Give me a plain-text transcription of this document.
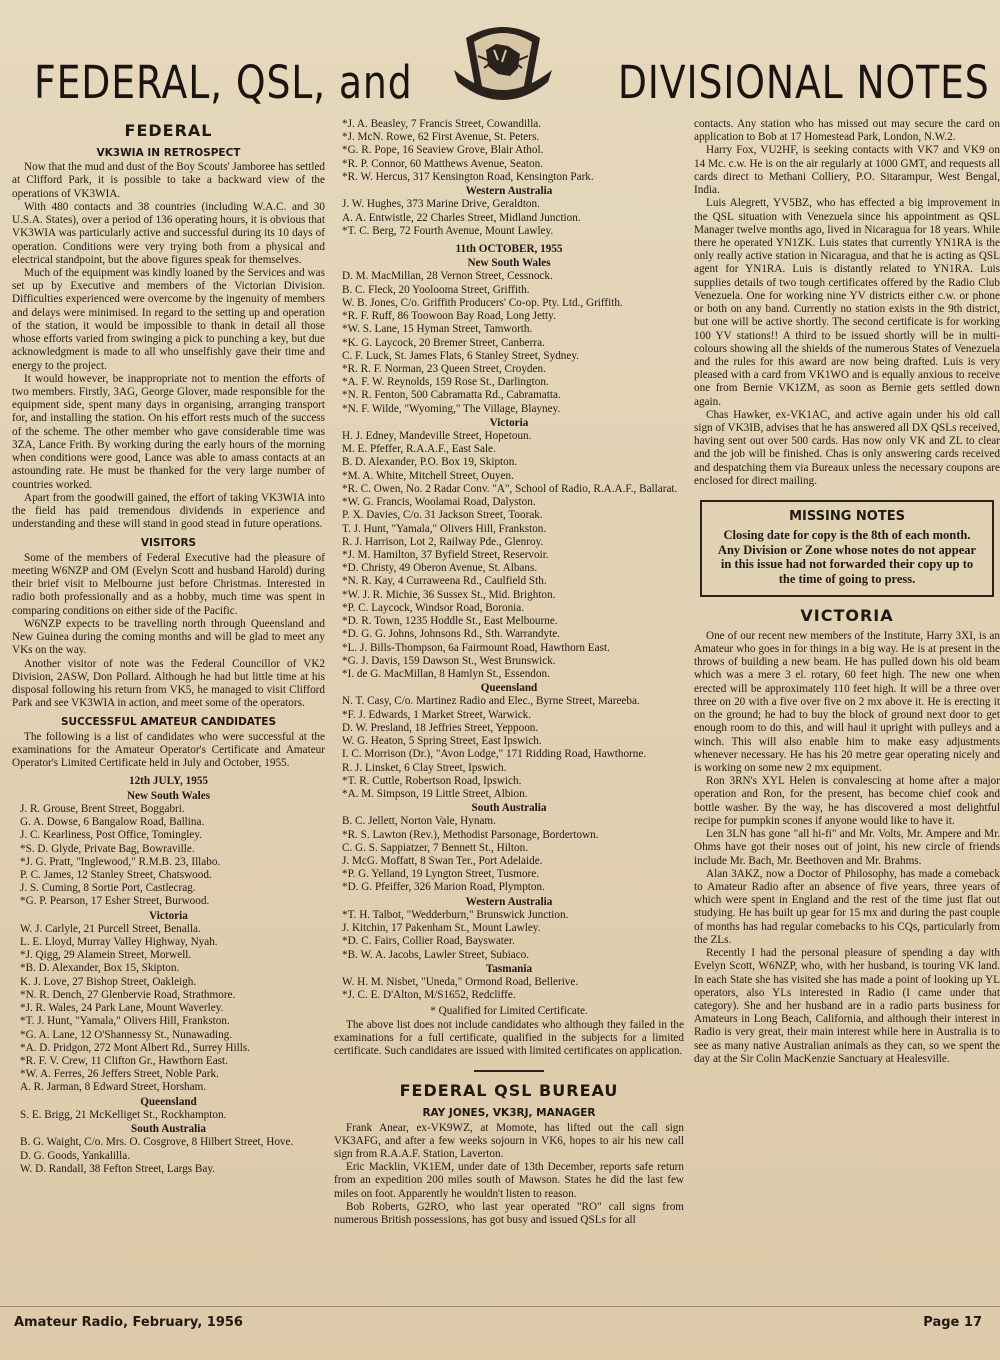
FEDERAL, QSL, and	DIVISIONAL NOTES
FEDERAL
VK3WIA IN RETROSPECT

Now that the mud and dust of the Boy Scouts' Jamboree has settled at Clifford Park, it is possible to take a backward view of the operations of VK3WIA.

With 480 contacts and 38 countries (including W.A.C. and 30 U.S.A. States), over a period of 136 operating hours, it is obvious that VK3WIA was particularly active and successful during its 10 days of operation. Conditions were very trying both from a physical and electrical standpoint, but the above figures speak for themselves.

Much of the equipment was kindly loaned by the Services and was set up by Executive and members of the Victorian Division. Difficulties experienced were overcome by the ingenuity of members and delays were minimised. In regard to the setting up and operation of the station, it would be impossible to thank in detail all those whose efforts varied from swinging a pick to punching a key, but due acknowledgment is made to all who unselfishly gave their time and energy to the project.

It would however, be inappropriate not to mention the efforts of two members. Firstly, 3AG, George Glover, made responsible for the equipment side, spent many days in organising, arranging transport for, and installing the station. On his effort rests much of the success of the scheme. The other member who gave considerable time was 3ZA, Lance Frith. By working during the early hours of the morning when conditions were good, Lance was able to amass contacts at an astounding rate. He must be thanked for the very large number of countries worked.

Apart from the goodwill gained, the effort of taking VK3WIA into the field has paid tremendous dividends in experience and understanding and these will stand in good stead in future operations.

VISITORS

Some of the members of Federal Executive had the pleasure of meeting W6NZP and OM (Evelyn Scott and husband Harold) during their brief visit to Melbourne just before Christmas. Interested in radio both professionally and as a hobby, much time was spent in comparing conditions on either side of the Pacific.

W6NZP expects to be travelling north through Queensland and New Guinea during the coming months and will be glad to meet any VKs on the way.

Another visitor of note was the Federal Councillor of VK2 Division, 2ASW, Don Pollard. Although he had but little time at his disposal following his return from VK5, he managed to visit Clifford Park and see VK3WIA in action, and meet some of the operators.

SUCCESSFUL AMATEUR CANDIDATES

The following is a list of candidates who were successful at the examinations for the Amateur Operator's Certificate and Amateur Operator's Limited Certificate held in July and October, 1955.

12th JULY, 1955
New South Wales
J. R. Grouse, Brent Street, Boggabri.
G. A. Dowse, 6 Bangalow Road, Ballina.
J. C. Kearliness, Post Office, Tomingley.
*S. D. Glyde, Private Bag, Bowraville.
*J. G. Pratt, "Inglewood," R.M.B. 23, Illabo.
P. C. James, 12 Stanley Street, Chatswood.
J. S. Cuming, 8 Sortie Port, Castlecrag.
*G. P. Pearson, 17 Esher Street, Burwood.
Victoria
W. J. Carlyle, 21 Purcell Street, Benalla.
L. E. Lloyd, Murray Valley Highway, Nyah.
*J. Qigg, 29 Alamein Street, Morwell.
*B. D. Alexander, Box 15, Skipton.
K. J. Love, 27 Bishop Street, Oakleigh.
*N. R. Dench, 27 Glenbervie Road, Strathmore.
*J. R. Wales, 24 Park Lane, Mount Waverley.
*T. J. Hunt, "Yamala," Olivers Hill, Frankston.
*G. A. Lane, 12 O'Shannessy St., Nunawading.
*A. D. Pridgon, 272 Mont Albert Rd., Surrey Hills.
*R. F. V. Crew, 11 Clifton Gr., Hawthorn East.
*W. A. Ferres, 26 Jeffers Street, Noble Park.
A. R. Jarman, 8 Edward Street, Horsham.
Queensland
S. E. Brigg, 21 McKelliget St., Rockhampton.
South Australia
B. G. Waight, C/o. Mrs. O. Cosgrove, 8 Hilbert Street, Hove.
D. G. Goods, Yankalilla.
W. D. Randall, 38 Fefton Street, Largs Bay.
*J. A. Beasley, 7 Francis Street, Cowandilla.
*J. McN. Rowe, 62 First Avenue, St. Peters.
*G. R. Pope, 16 Seaview Grove, Blair Athol.
*R. P. Connor, 60 Matthews Avenue, Seaton.
*R. W. Hercus, 317 Kensington Road, Kensington Park.
Western Australia
J. W. Hughes, 373 Marine Drive, Geraldton.
A. A. Entwistle, 22 Charles Street, Midland Junction.
*T. C. Berg, 72 Fourth Avenue, Mount Lawley.
11th OCTOBER, 1955
New South Wales
D. M. MacMillan, 28 Vernon Street, Cessnock.
B. C. Fleck, 20 Yoolooma Street, Griffith.
W. B. Jones, C/o. Griffith Producers' Co-op. Pty. Ltd., Griffith.
*R. F. Ruff, 86 Toowoon Bay Road, Long Jetty.
*W. S. Lane, 15 Hyman Street, Tamworth.
*K. G. Laycock, 20 Bremer Street, Canberra.
C. F. Luck, St. James Flats, 6 Stanley Street, Sydney.
*R. R. F. Norman, 23 Queen Street, Croyden.
*A. F. W. Reynolds, 159 Rose St., Darlington.
*N. R. Fenton, 500 Cabramatta Rd., Cabramatta.
*N. F. Wilde, "Wyoming," The Village, Blayney.
Victoria
H. J. Edney, Mandeville Street, Hopetoun.
M. E. Pfeffer, R.A.A.F., East Sale.
B. D. Alexander, P.O. Box 19, Skipton.
*M. A. White, Mitchell Street, Ouyen.
*R. C. Owen, No. 2 Radar Conv. "A", School of Radio, R.A.A.F., Ballarat.
*W. G. Francis, Woolamai Road, Dalyston.
P. X. Davies, C/o. 31 Jackson Street, Toorak.
T. J. Hunt, "Yamala," Olivers Hill, Frankston.
R. J. Harrison, Lot 2, Railway Pde., Glenroy.
*J. M. Hamilton, 37 Byfield Street, Reservoir.
*D. Christy, 49 Oberon Avenue, St. Albans.
*N. R. Kay, 4 Curraweena Rd., Caulfield Sth.
*W. J. R. Michie, 36 Sussex St., Mid. Brighton.
*P. C. Laycock, Windsor Road, Boronia.
*D. R. Town, 1235 Hoddle St., East Melbourne.
*D. G. G. Johns, Johnsons Rd., Sth. Warrandyte.
*L. J. Bills-Thompson, 6a Fairmount Road, Hawthorn East.
*G. J. Davis, 159 Dawson St., West Brunswick.
*I. de G. MacMillan, 8 Hamlyn St., Essendon.
Queensland
N. T. Casy, C/o. Martinez Radio and Elec., Byrne Street, Mareeba.
*F. J. Edwards, 1 Market Street, Warwick.
D. W. Presland, 18 Jeffries Street, Yeppoon.
W. G. Heaton, 5 Spring Street, East Ipswich.
I. C. Morrison (Dr.), "Avon Lodge," 171 Ridding Road, Hawthorne.
R. J. Linsket, 6 Clay Street, Ipswich.
*T. R. Cuttle, Robertson Road, Ipswich.
*A. M. Simpson, 19 Little Street, Albion.
South Australia
B. C. Jellett, Norton Vale, Hynam.
*R. S. Lawton (Rev.), Methodist Parsonage, Bordertown.
C. G. S. Sappiatzer, 7 Bennett St., Hilton.
J. McG. Moffatt, 8 Swan Ter., Port Adelaide.
*P. G. Yelland, 19 Lyngton Street, Tusmore.
*D. G. Pfeiffer, 326 Marion Road, Plympton.
Western Australia
*T. H. Talbot, "Wedderburn," Brunswick Junction.
J. Kitchin, 17 Pakenham St., Mount Lawley.
*D. C. Fairs, Collier Road, Bayswater.
*B. W. A. Jacobs, Lawler Street, Subiaco.
Tasmania
W. H. M. Nisbet, "Uneda," Ormond Road, Bellerive.
*J. C. E. D'Alton, M/S1652, Redcliffe.
* Qualified for Limited Certificate.

The above list does not include candidates who although they failed in the examinations for a full certificate, qualified in the subjects for a limited certificate. Such candidates are issued with limited certificates on application.

FEDERAL QSL BUREAU
RAY JONES, VK3RJ, MANAGER

Frank Anear, ex-VK9WZ, at Momote, has lifted out the call sign VK3AFG, and after a few weeks sojourn in VK6, hopes to air his new call sign from R.A.A.F. Station, Laverton.

Eric Macklin, VK1EM, under date of 13th December, reports safe return from an expedition 200 miles south of Mawson. States he did the last few miles on foot. Apparently he wouldn't listen to reason.

Bob Roberts, G2RO, who last year operated "RO" call signs from numerous British possessions, has got busy and issued QSLs for all

contacts. Any station who has missed out may secure the card on application to Bob at 17 Homestead Park, London, N.W.2.

Harry Fox, VU2HF, is seeking contacts with VK7 and VK9 on 14 Mc. c.w. He is on the air regularly at 1000 GMT, and requests all cards direct to Methani Colliery, P.O. Sitarampur, West Bengal, India.

Luis Alegrett, YV5BZ, who has effected a big improvement in the QSL situation with Venezuela since his appointment as QSL Manager twelve months ago, lived in Nicaragua for 18 years. While there he operated YN1ZK. Luis states that currently YN1RA is the only really active station in Nicaragua, and that he is acting as QSL agent for YN1RA. Luis is distantly related to YN1RA. Luis supplies details of two tough certificates offered by the Radio Club Venezuela. One for working nine YV districts either c.w. or phone or both on any band. Currently no station exists in the 9th district, but one will be active shortly. The second certificate is for working 100 YV stations!! A third to be issued shortly will be in multi-colours showing all the shields of the numerous States of Venezuela and the rules for this award are now being drafted. Luis is very pleased with a card from VK1WO and is equally anxious to receive one from Bernie VK1ZM, as soon as Bernie gets settled down again.

Chas Hawker, ex-VK1AC, and active again under his old call sign of VK3IB, advises that he has answered all DX QSLs received, having sent out over 500 cards. Has now only VK and ZL to clear and the job will be finished. Chas is only answering cards received and despatching them via Bureaux unless the necessary coupons are enclosed for direct mailing.

MISSING NOTES
Closing date for copy is the 8th of each month. Any Division or Zone whose notes do not appear in this issue had not forwarded their copy up to the time of going to press.
VICTORIA

One of our recent new members of the Institute, Harry 3XI, is an Amateur who goes in for things in a big way. He is at present in the throws of building a new beam. He has pulled down his old beam which was a mere 3 el. rotary, 60 feet high. The new one when erected will be approximately 110 feet high. It will be a three over three on 20 with a five over five on 2 mx above it. He is erecting it on the ground; he had to buy the block of ground next door to get enough room to do this, and will haul it upright with pulleys and a winch. This will also enable him to make easy adjustments whenever necessary. He has his 20 metre gear operating nicely and is working on some new 2 mx equipment.

Ron 3RN's XYL Helen is convalescing at home after a major operation and Ron, for the present, has become chief cook and bottle washer. By the way, he has discovered a most delightful recipe for pumpkin scones if anyone would like to have it.

Len 3LN has gone "all hi-fi" and Mr. Volts, Mr. Ampere and Mr. Ohms have got their noses out of joint, his new circle of friends include Mr. Bach, Mr. Beethoven and Mr. Brahms.

Alan 3AKZ, now a Doctor of Philosophy, has made a comeback to Amateur Radio after an absence of five years, three years of which were spent in England and the rest of the time just flat out studying. He has built up gear for 15 mx and during the past couple of months has had regular comebacks to his CQs, particularly from the ZLs.

Recently I had the personal pleasure of spending a day with Evelyn Scott, W6NZP, who, with her husband, is touring VK land. In each State she has visited she has made a point of looking up YL operators, also YLs interested in Radio (I came under that category). She and her husband are in a radio parts business for Amateurs in Long Beach, California, and although their interest in Radio is very great, their main interest while here in Australia is to see as many native Australian animals as they can, so we spent the day at the Sir Colin MacKenzie Sanctuary at Healesville.

Amateur Radio, February, 1956	Page 17
